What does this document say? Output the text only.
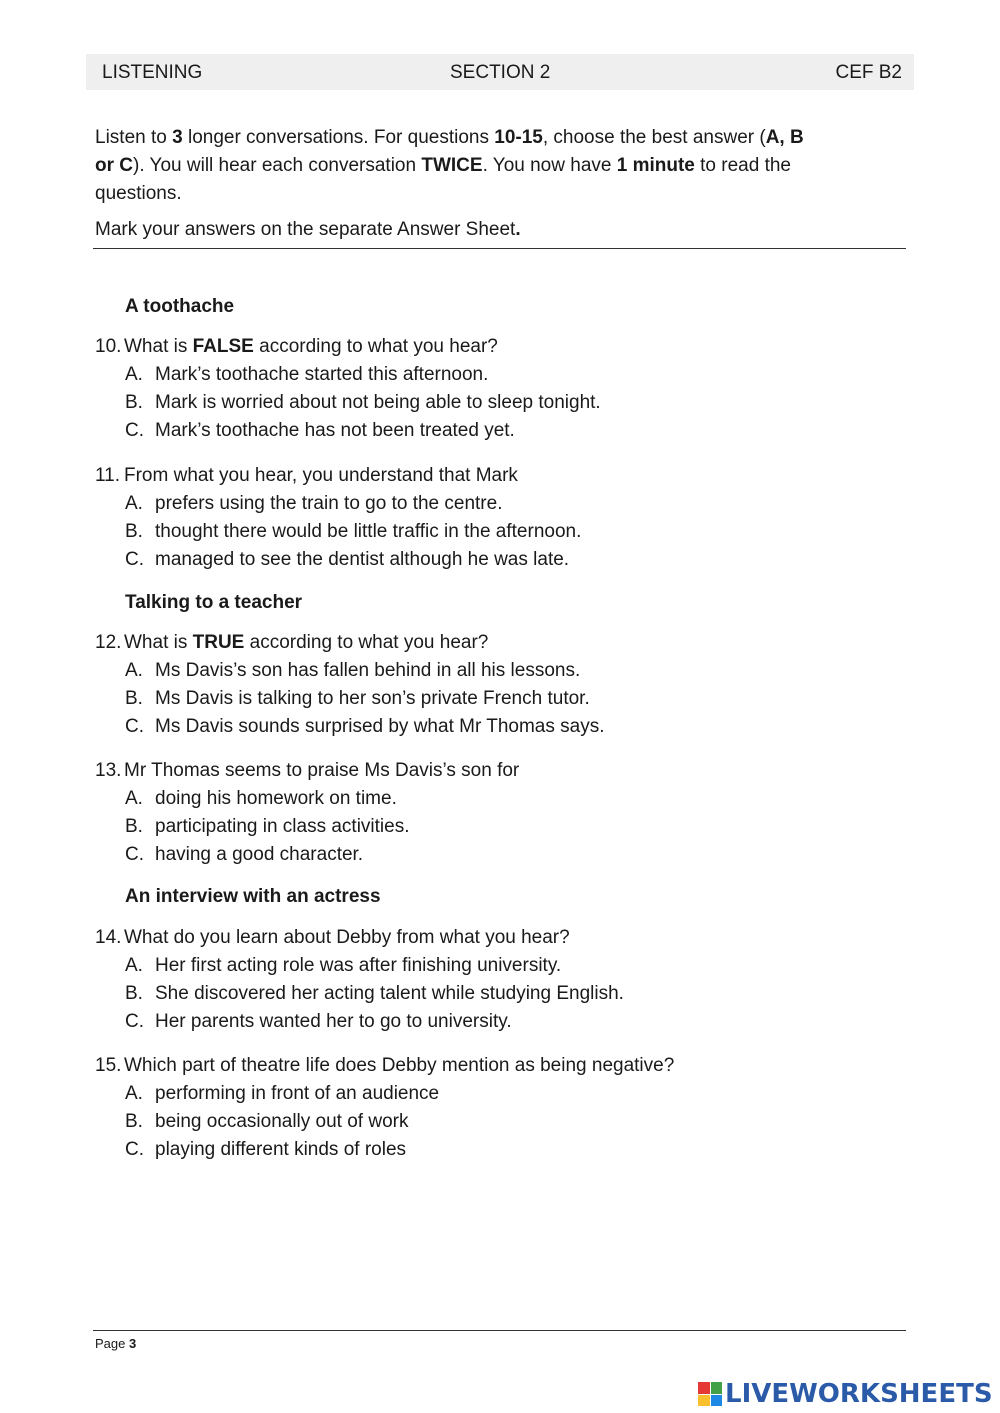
LISTENING	SECTION 2	CEF B2
Listen to 3 longer conversations. For questions 10-15, choose the best answer (A, B or C). You will hear each conversation TWICE. You now have 1 minute to read the questions.
Mark your answers on the separate Answer Sheet.
A toothache
10. What is FALSE according to what you hear?
A. Mark’s toothache started this afternoon.
B. Mark is worried about not being able to sleep tonight.
C. Mark’s toothache has not been treated yet.
11. From what you hear, you understand that Mark
A. prefers using the train to go to the centre.
B. thought there would be little traffic in the afternoon.
C. managed to see the dentist although he was late.
Talking to a teacher
12. What is TRUE according to what you hear?
A. Ms Davis’s son has fallen behind in all his lessons.
B. Ms Davis is talking to her son’s private French tutor.
C. Ms Davis sounds surprised by what Mr Thomas says.
13. Mr Thomas seems to praise Ms Davis’s son for
A. doing his homework on time.
B. participating in class activities.
C. having a good character.
An interview with an actress
14. What do you learn about Debby from what you hear?
A. Her first acting role was after finishing university.
B. She discovered her acting talent while studying English.
C. Her parents wanted her to go to university.
15. Which part of theatre life does Debby mention as being negative?
A. performing in front of an audience
B. being occasionally out of work
C. playing different kinds of roles
Page 3
LIVEWORKSHEETS
